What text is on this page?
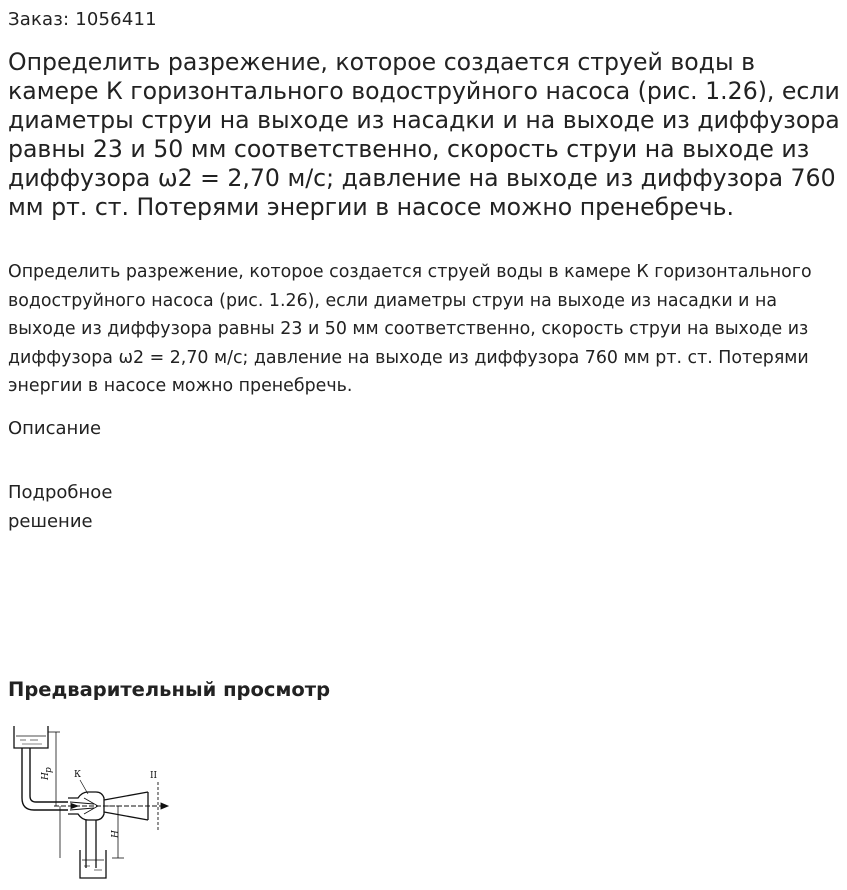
Заказ: 1056411
Определить разрежение, которое создается струей воды в камере К горизонтального водоструйного насоса (рис. 1.26), если диаметры струи на выходе из насадки и на выходе из диффузора равны 23 и 50 мм соответственно, скорость струи на выходе из диффузора ω2 = 2,70 м/с; давление на выходе из диффузора 760 мм рт. ст. Потерями энергии в насосе можно пренебречь.

Определить разрежение, которое создается струей воды в камере К горизонтального водоструйного насоса (рис. 1.26), если диаметры струи на выходе из насадки и на выходе из диффузора равны 23 и 50 мм соответственно, скорость струи на выходе из диффузора ω2 = 2,70 м/с; давление на выходе из диффузора 760 мм рт. ст. Потерями энергии в насосе можно пренебречь.

Описание
Подробное решение
Предварительный просмотр
К	II
H
p
H
